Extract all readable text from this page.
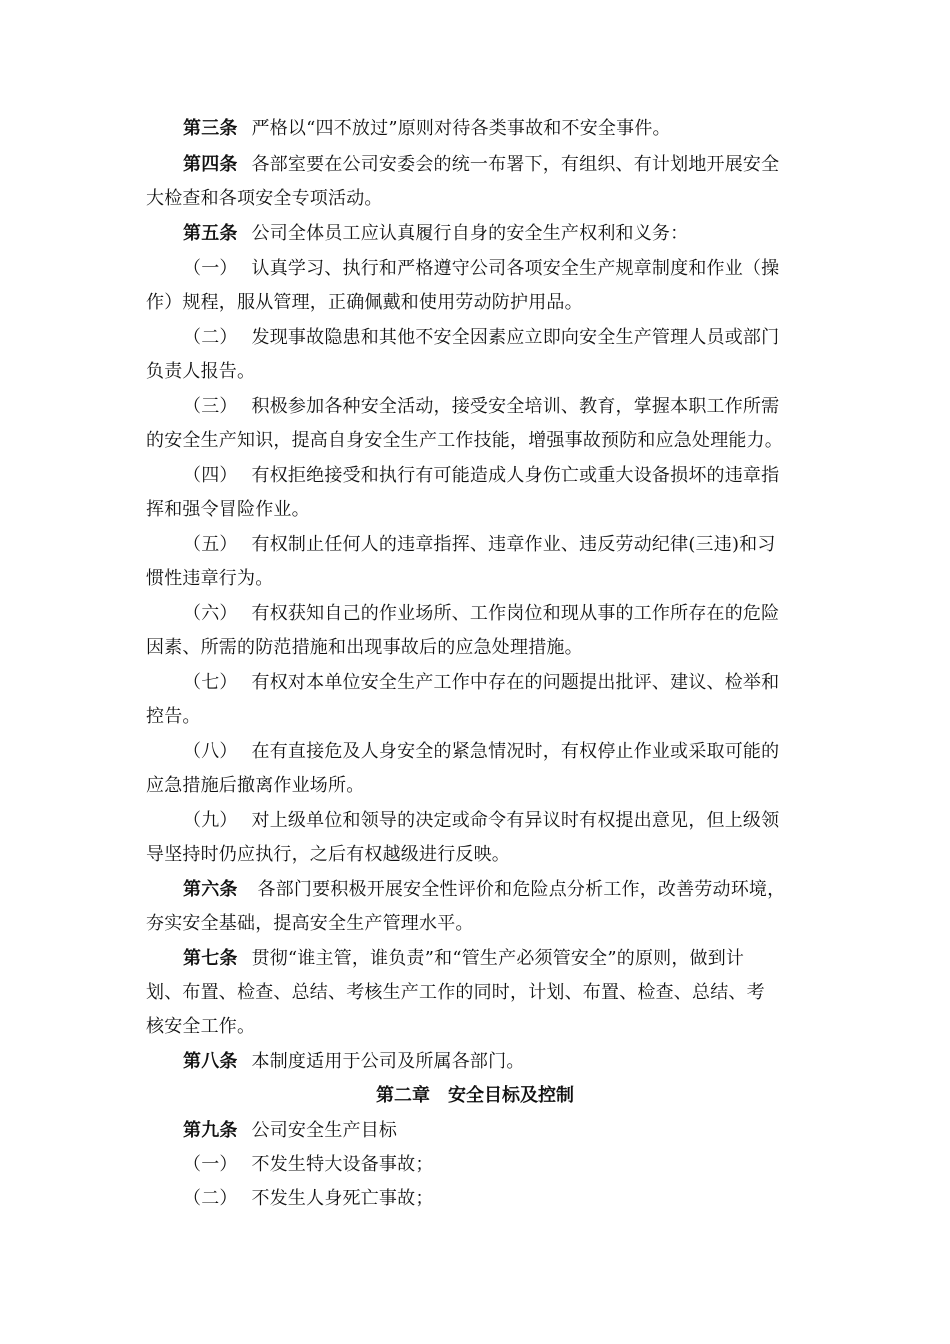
第三条 严格以“四不放过”原则对待各类事故和不安全事件。
第四条 各部室要在公司安委会的统一布署下，有组织、有计划地开展安全
大检查和各项安全专项活动。
第五条 公司全体员工应认真履行自身的安全生产权利和义务：
（一） 认真学习、执行和严格遵守公司各项安全生产规章制度和作业（操
作）规程，服从管理，正确佩戴和使用劳动防护用品。
（二） 发现事故隐患和其他不安全因素应立即向安全生产管理人员或部门
负责人报告。
（三） 积极参加各种安全活动，接受安全培训、教育，掌握本职工作所需
的安全生产知识，提高自身安全生产工作技能，增强事故预防和应急处理能力。
（四） 有权拒绝接受和执行有可能造成人身伤亡或重大设备损坏的违章指
挥和强令冒险作业。
（五） 有权制止任何人的违章指挥、违章作业、违反劳动纪律(三违)和习
惯性违章行为。
（六） 有权获知自己的作业场所、工作岗位和现从事的工作所存在的危险
因素、所需的防范措施和出现事故后的应急处理措施。
（七） 有权对本单位安全生产工作中存在的问题提出批评、建议、检举和
控告。
（八） 在有直接危及人身安全的紧急情况时，有权停止作业或采取可能的
应急措施后撤离作业场所。
（九） 对上级单位和领导的决定或命令有异议时有权提出意见，但上级领
导坚持时仍应执行，之后有权越级进行反映。
第六条 各部门要积极开展安全性评价和危险点分析工作，改善劳动环境，
夯实安全基础，提高安全生产管理水平。
第七条 贯彻“谁主管，谁负责”和“管生产必须管安全”的原则，做到计
划、布置、检查、总结、考核生产工作的同时，计划、布置、检查、总结、考
核安全工作。
第八条 本制度适用于公司及所属各部门。
第二章　安全目标及控制
第九条 公司安全生产目标
（一） 不发生特大设备事故；
（二） 不发生人身死亡事故；
